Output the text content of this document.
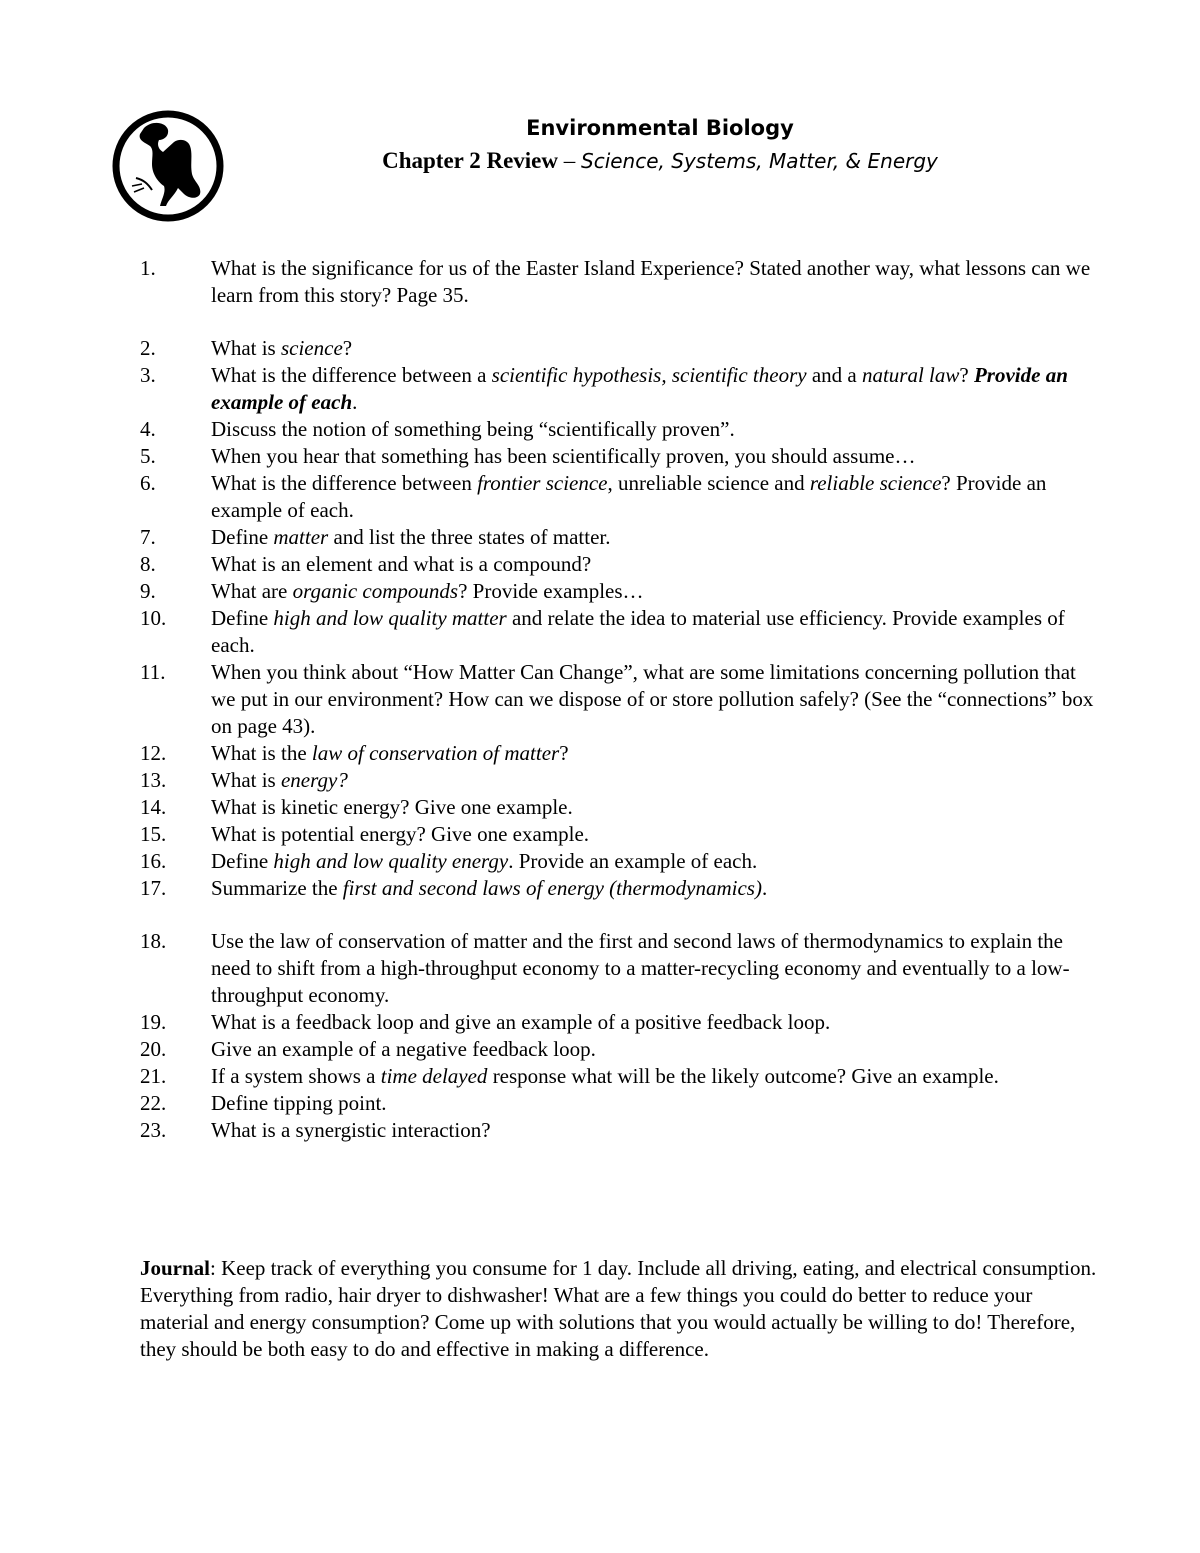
Environmental Biology
Chapter 2 Review – Science, Systems, Matter, & Energy
1.	What is the significance for us of the Easter Island Experience? Stated another way, what lessons can we learn from this story? Page 35.
2.	What is science?
3.	What is the difference between a scientific hypothesis, scientific theory and a natural law? Provide an example of each.
4.	Discuss the notion of something being “scientifically proven”.
5.	When you hear that something has been scientifically proven, you should assume…
6.	What is the difference between frontier science, unreliable science and reliable science? Provide an example of each.
7.	Define matter and list the three states of matter.
8.	What is an element and what is a compound?
9.	What are organic compounds? Provide examples…
10.	Define high and low quality matter and relate the idea to material use efficiency. Provide examples of each.
11.	When you think about “How Matter Can Change”, what are some limitations concerning pollution that we put in our environment? How can we dispose of or store pollution safely? (See the “connections” box on page 43).
12.	What is the law of conservation of matter?
13.	What is energy?
14.	What is kinetic energy? Give one example.
15.	What is potential energy? Give one example.
16.	Define high and low quality energy. Provide an example of each.
17.	Summarize the first and second laws of energy (thermodynamics).
18.	Use the law of conservation of matter and the first and second laws of thermodynamics to explain the need to shift from a high-throughput economy to a matter-recycling economy and eventually to a low-throughput economy.
19.	What is a feedback loop and give an example of a positive feedback loop.
20.	Give an example of a negative feedback loop.
21.	If a system shows a time delayed response what will be the likely outcome? Give an example.
22.	Define tipping point.
23.	What is a synergistic interaction?
Journal: Keep track of everything you consume for 1 day. Include all driving, eating, and electrical consumption. Everything from radio, hair dryer to dishwasher! What are a few things you could do better to reduce your material and energy consumption? Come up with solutions that you would actually be willing to do! Therefore, they should be both easy to do and effective in making a difference.
